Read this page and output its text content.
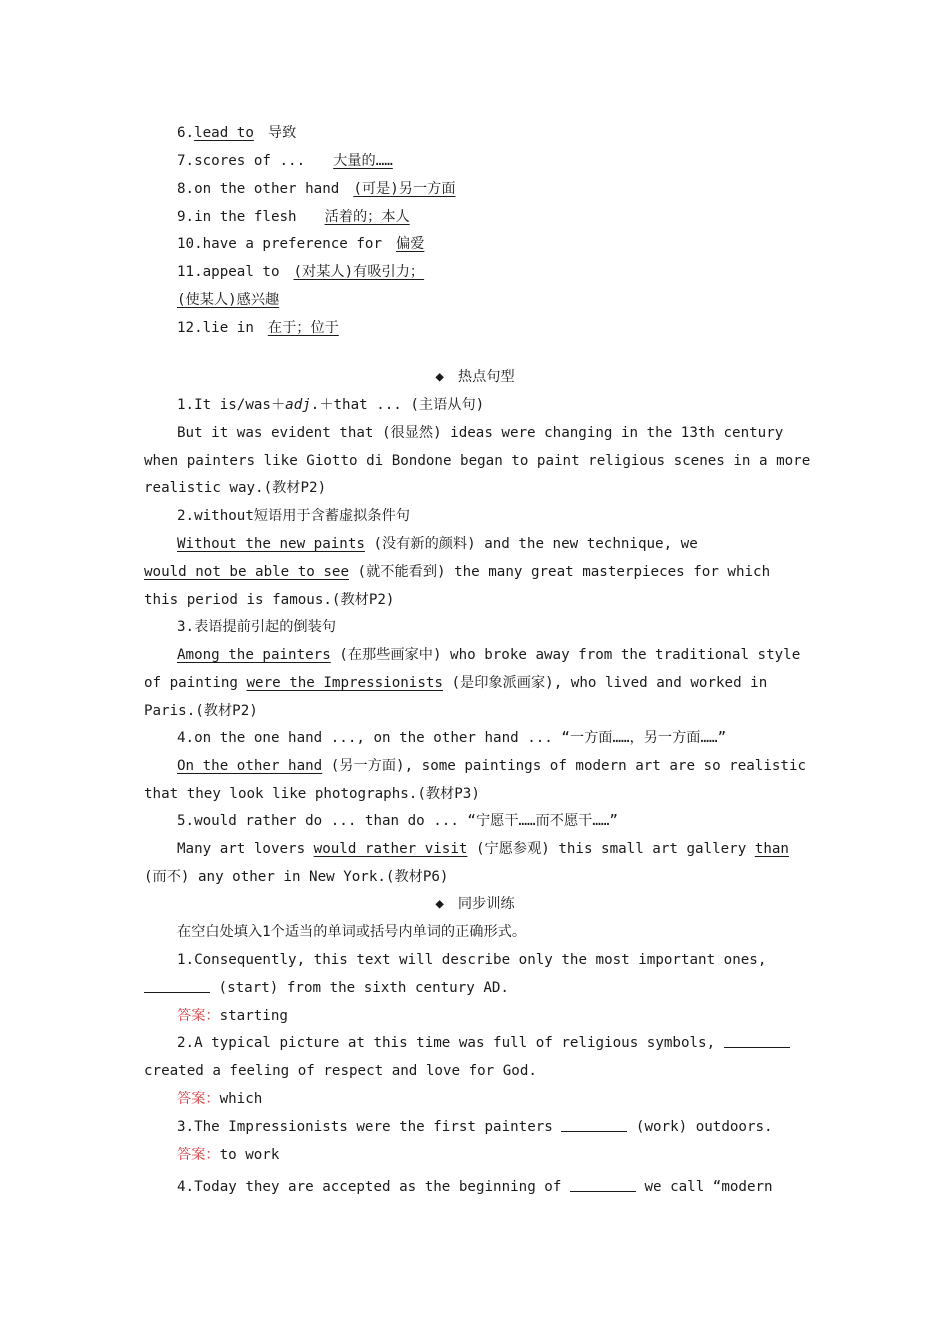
6.lead to 导致
7.scores of ... 大量的……
8.on the other hand (可是)另一方面
9.in the flesh 活着的；本人
10.have a preference for 偏爱
11.appeal to (对某人)有吸引力；
(使某人)感兴趣
12.lie in 在于；位于
◆ 热点句型
1.It is/was＋adj.＋that ... (主语从句)
But it was evident that (很显然) ideas were changing in the 13th century
when painters like Giotto di Bondone began to paint religious scenes in a more
realistic way.(教材P2)
2.without短语用于含蓄虚拟条件句
Without the new paints (没有新的颜料) and the new technique, we
would not be able to see (就不能看到) the many great masterpieces for which
this period is famous.(教材P2)
3.表语提前引起的倒装句
Among the painters (在那些画家中) who broke away from the traditional style
of painting were the Impressionists (是印象派画家), who lived and worked in
Paris.(教材P2)
4.on the one hand ..., on the other hand ... “一方面……，另一方面……”
On the other hand (另一方面), some paintings of modern art are so realistic
that they look like photographs.(教材P3)
5.would rather do ... than do ... “宁愿干……而不愿干……”
Many art lovers would rather visit (宁愿参观) this small art gallery than
(而不) any other in New York.(教材P6)
◆ 同步训练
在空白处填入1个适当的单词或括号内单词的正确形式。
1.Consequently, this text will describe only the most important ones,
(start) from the sixth century AD.
答案：starting
2.A typical picture at this time was full of religious symbols,
created a feeling of respect and love for God.
答案：which
3.The Impressionists were the first painters	(work) outdoors.
答案：to work
4.Today they are accepted as the beginning of	we call “modern
